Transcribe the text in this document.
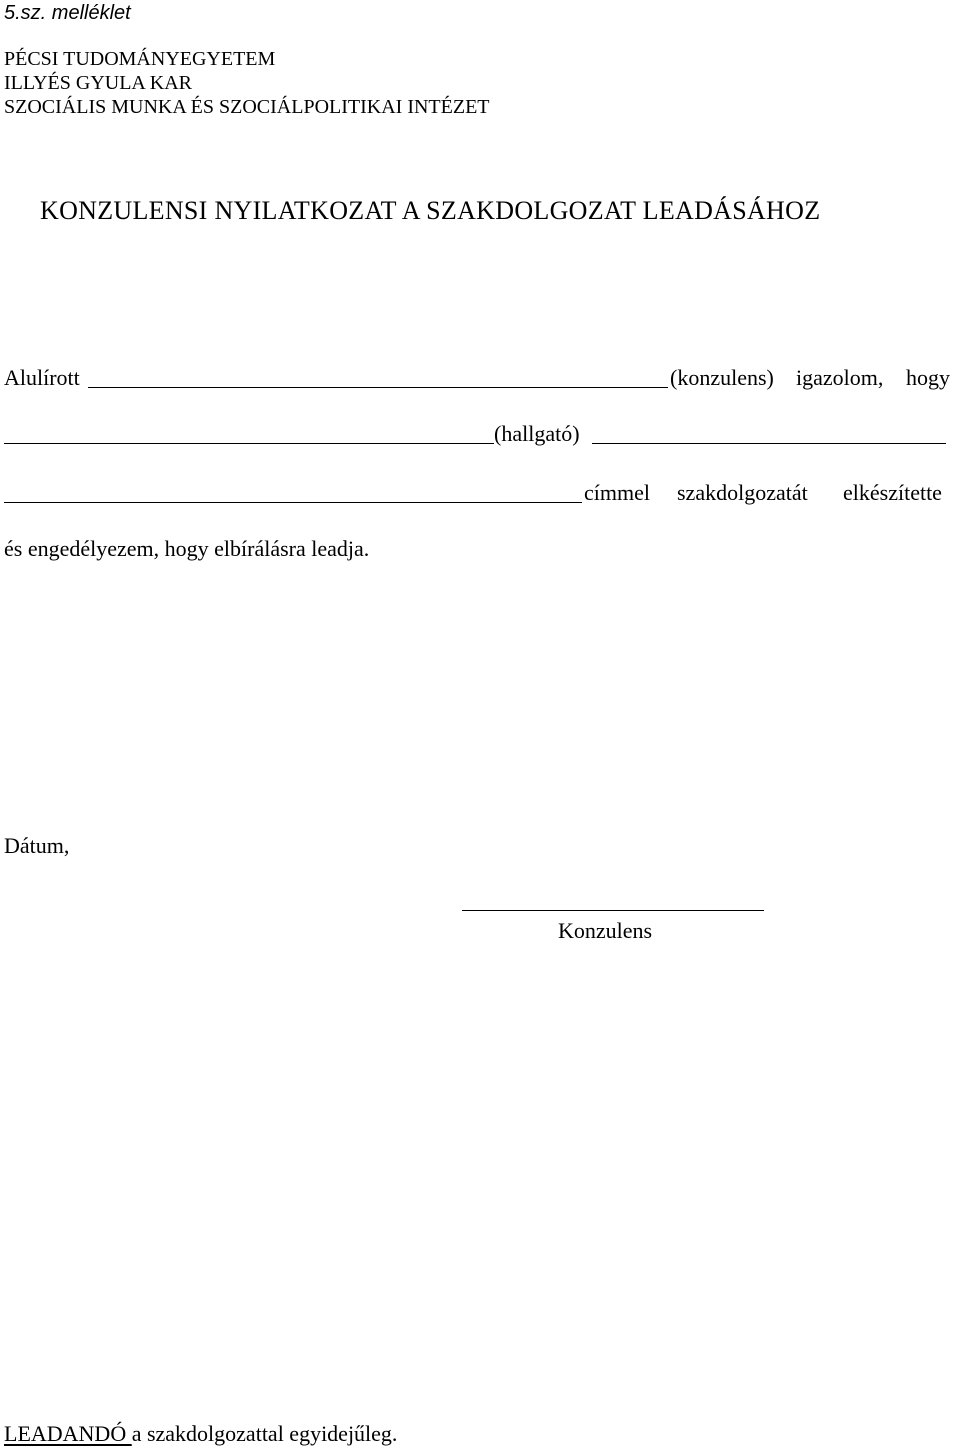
5.sz. melléklet
PÉCSI TUDOMÁNYEGYETEM
ILLYÉS GYULA KAR
SZOCIÁLIS MUNKA ÉS SZOCIÁLPOLITIKAI INTÉZET
KONZULENSI NYILATKOZAT A SZAKDOLGOZAT LEADÁSÁHOZ
Alulírott	(konzulens) igazolom, hogy
(hallgató)
címmel szakdolgozatát elkészítette
és engedélyezem, hogy elbírálásra leadja.
Dátum,
Konzulens
LEADANDÓ a szakdolgozattal egyidejűleg.
